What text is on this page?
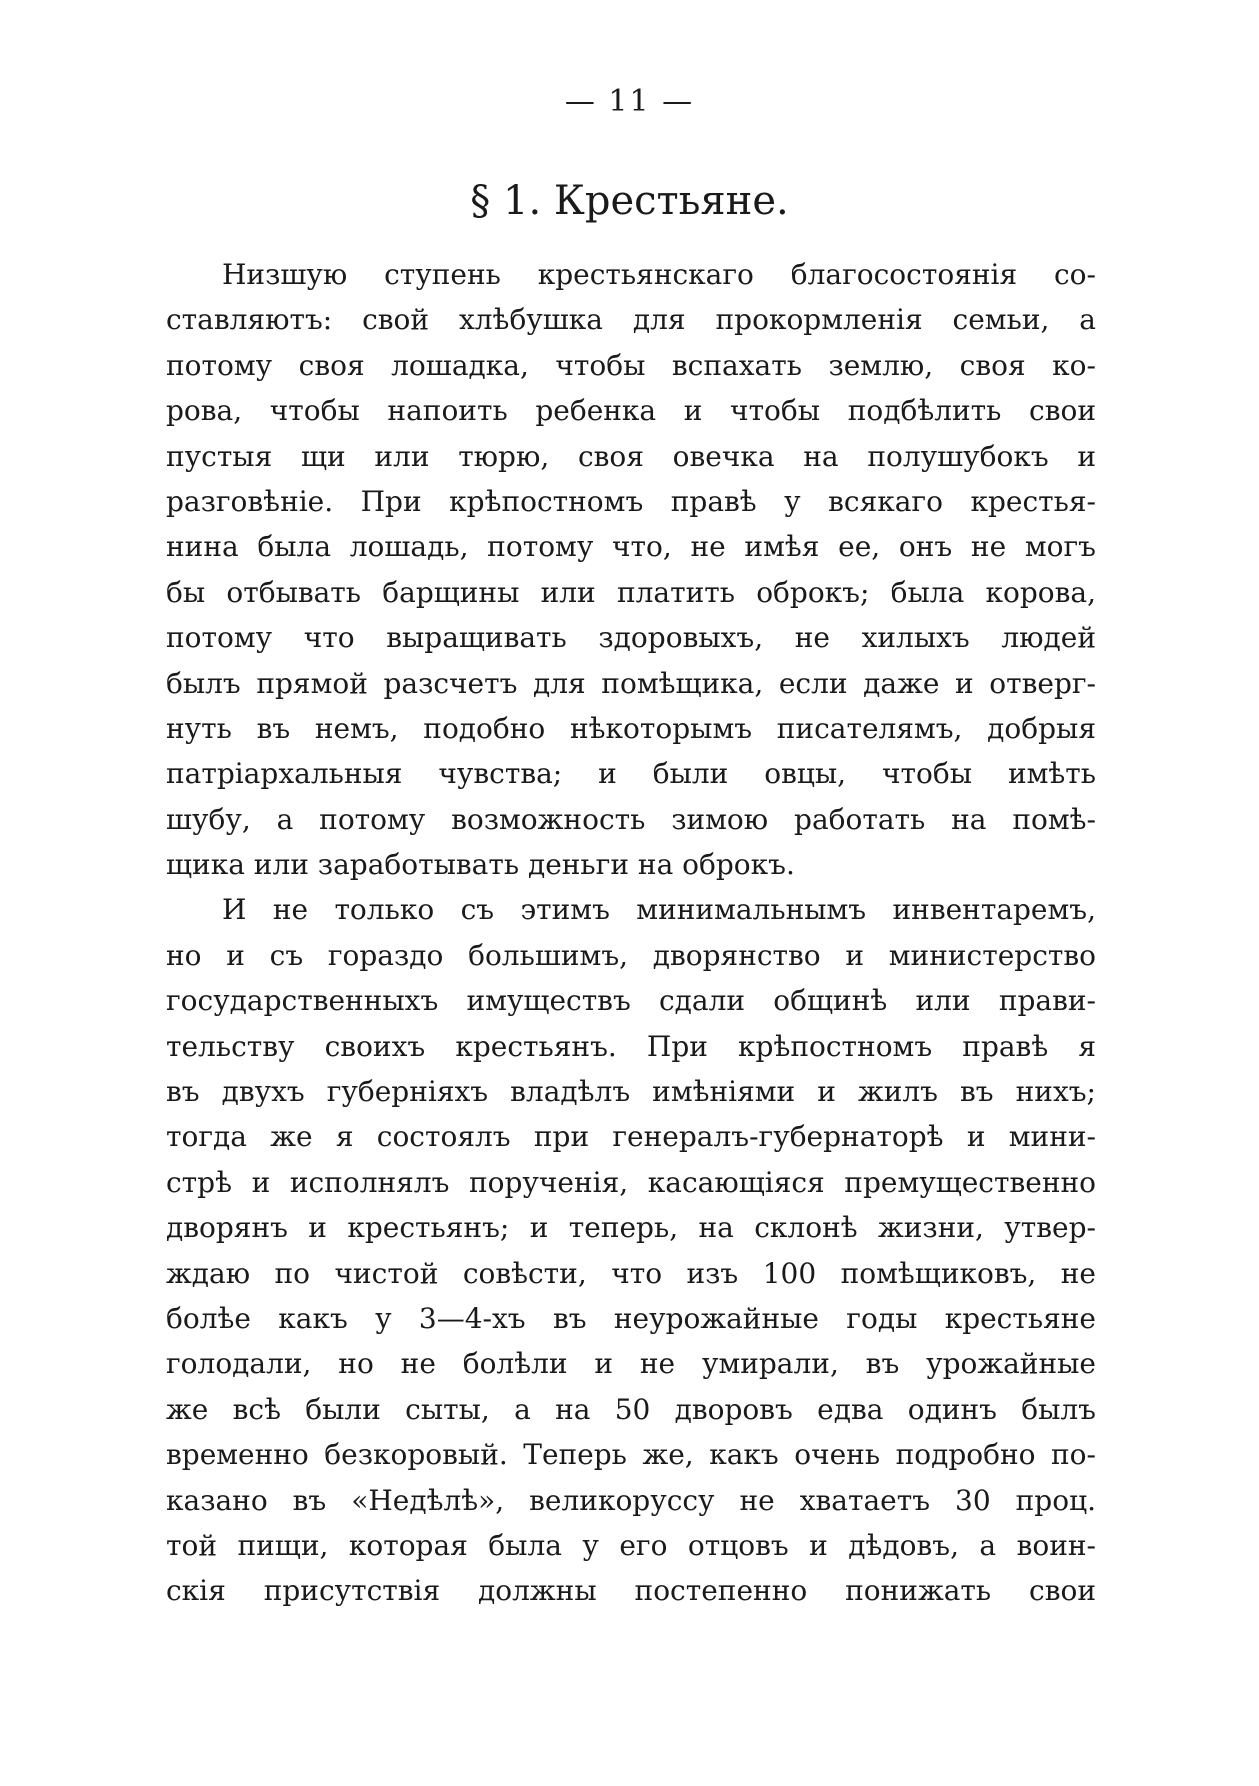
— 11 —
§ 1. Крестьяне.
Низшую ступень крестьянскаго благосостоянія со-
ставляютъ: свой хлѣбушка для прокормленія семьи, а
потому своя лошадка, чтобы вспахать землю, своя ко-
рова, чтобы напоить ребенка и чтобы подбѣлить свои
пустыя щи или тюрю, своя овечка на полушубокъ и
разговѣніе. При крѣпостномъ правѣ у всякаго крестья-
нина была лошадь, потому что, не имѣя ее, онъ не могъ
бы отбывать барщины или платить оброкъ; была корова,
потому что выращивать здоровыхъ, не хилыхъ людей
былъ прямой разсчетъ для помѣщика, если даже и отверг-
нуть въ немъ, подобно нѣкоторымъ писателямъ, добрыя
патріархальныя чувства; и были овцы, чтобы имѣть
шубу, а потому возможность зимою работать на помѣ-
щика или заработывать деньги на оброкъ.
И не только съ этимъ минимальнымъ инвентаремъ,
но и съ гораздо большимъ, дворянство и министерство
государственныхъ имуществъ сдали общинѣ или прави-
тельству своихъ крестьянъ. При крѣпостномъ правѣ я
въ двухъ губерніяхъ владѣлъ имѣніями и жилъ въ нихъ;
тогда же я состоялъ при генералъ-губернаторѣ и мини-
стрѣ и исполнялъ порученія, касающіяся премущественно
дворянъ и крестьянъ; и теперь, на склонѣ жизни, утвер-
ждаю по чистой совѣсти, что изъ 100 помѣщиковъ, не
болѣе какъ у 3—4-хъ въ неурожайные годы крестьяне
голодали, но не болѣли и не умирали, въ урожайные
же всѣ были сыты, а на 50 дворовъ едва одинъ былъ
временно безкоровый. Теперь же, какъ очень подробно по-
казано въ «Недѣлѣ», великоруссу не хватаетъ 30 проц.
той пищи, которая была у его отцовъ и дѣдовъ, а воин-
скія присутствія должны постепенно понижать свои
